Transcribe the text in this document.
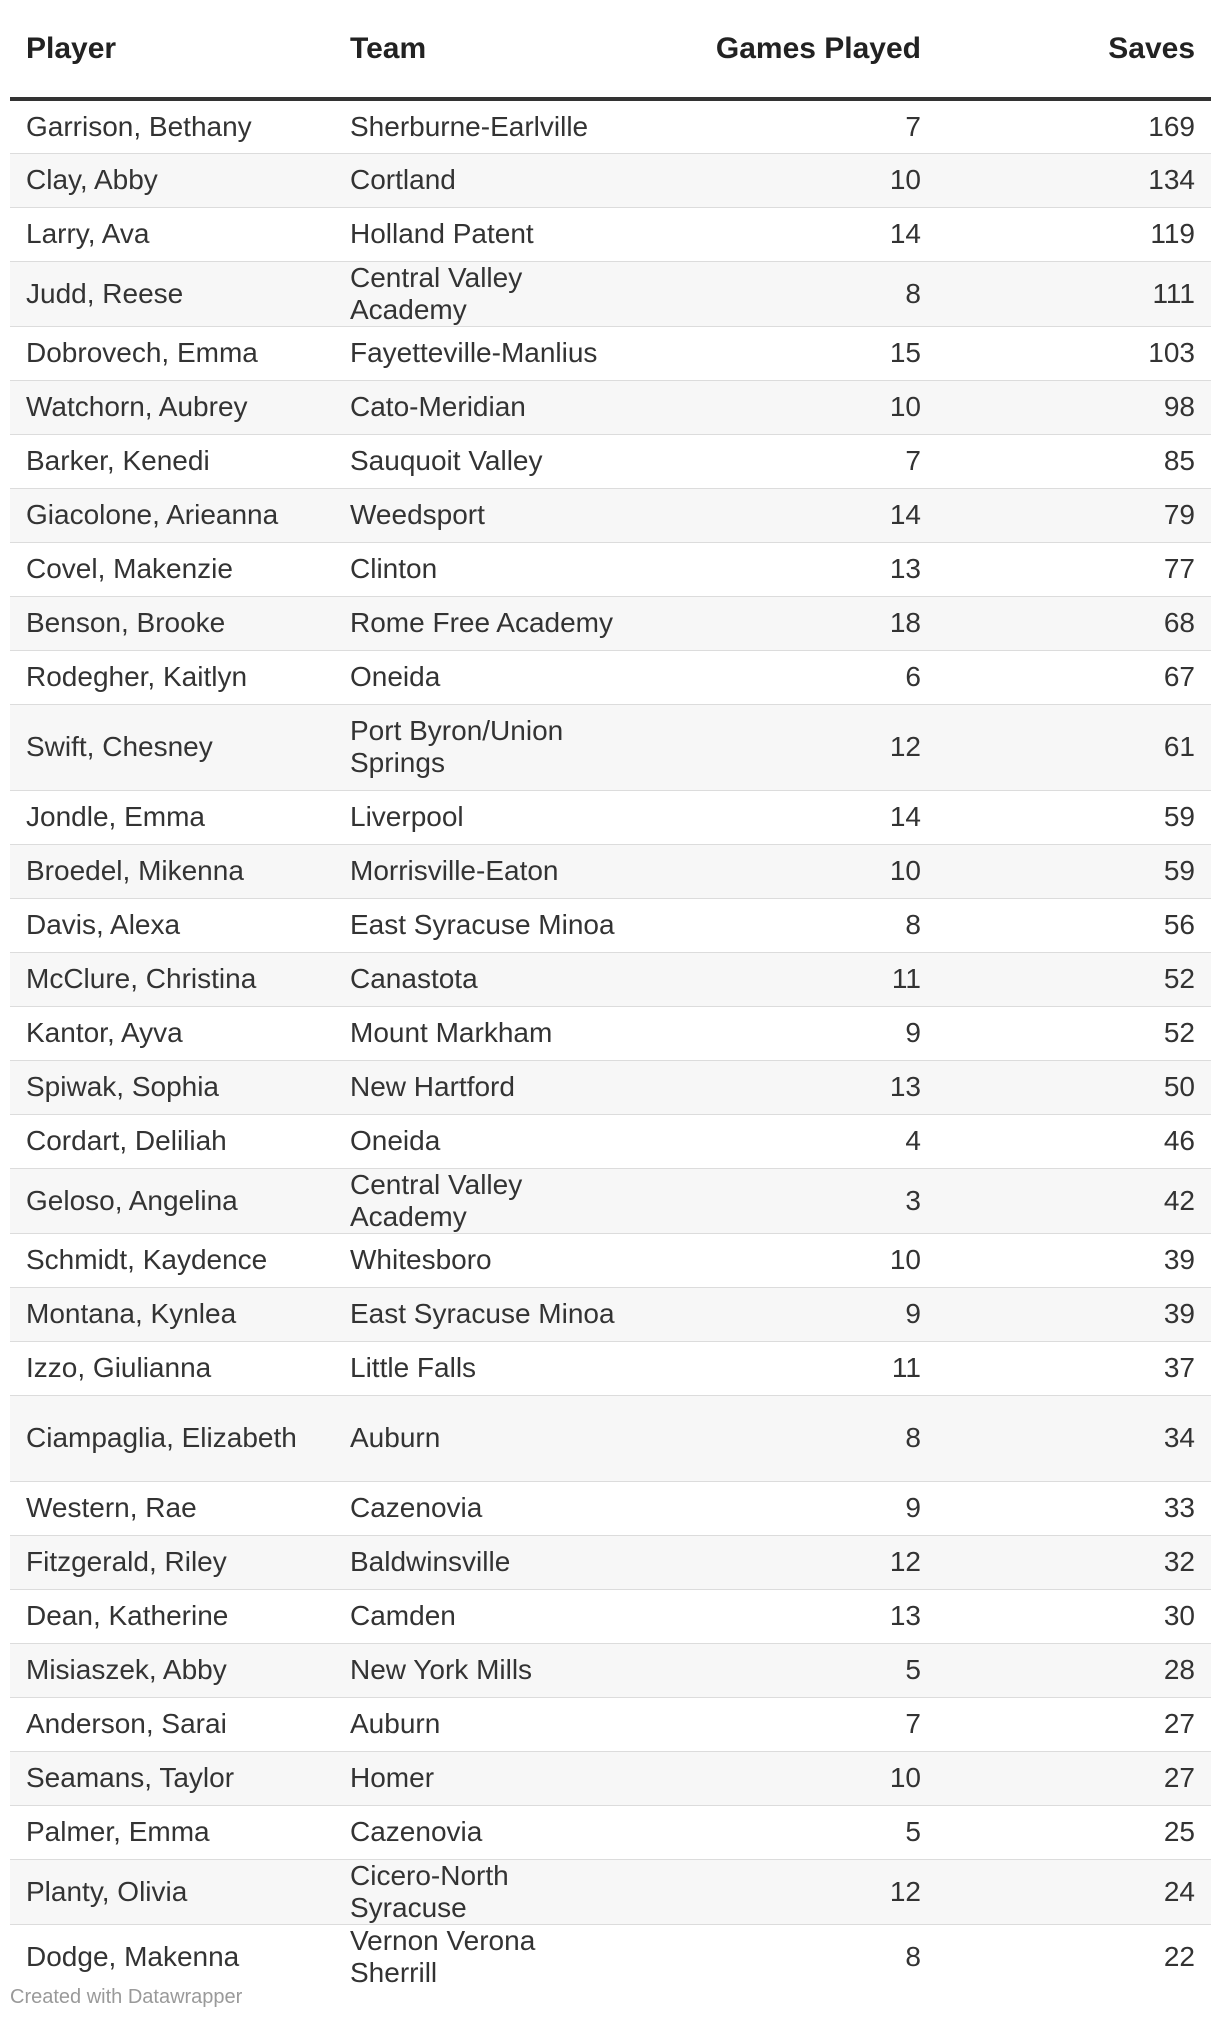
Player	Team	Games Played	Saves
Garrison, Bethany	Sherburne-Earlville	7	169
Clay, Abby	Cortland	10	134
Larry, Ava	Holland Patent	14	119
Judd, Reese	Central Valley Academy	8	111
Dobrovech, Emma	Fayetteville-Manlius	15	103
Watchorn, Aubrey	Cato-Meridian	10	98
Barker, Kenedi	Sauquoit Valley	7	85
Giacolone, Arieanna	Weedsport	14	79
Covel, Makenzie	Clinton	13	77
Benson, Brooke	Rome Free Academy	18	68
Rodegher, Kaitlyn	Oneida	6	67
Swift, Chesney	Port Byron/Union Springs	12	61
Jondle, Emma	Liverpool	14	59
Broedel, Mikenna	Morrisville-Eaton	10	59
Davis, Alexa	East Syracuse Minoa	8	56
McClure, Christina	Canastota	11	52
Kantor, Ayva	Mount Markham	9	52
Spiwak, Sophia	New Hartford	13	50
Cordart, Deliliah	Oneida	4	46
Geloso, Angelina	Central Valley Academy	3	42
Schmidt, Kaydence	Whitesboro	10	39
Montana, Kynlea	East Syracuse Minoa	9	39
Izzo, Giulianna	Little Falls	11	37
Ciampaglia, Elizabeth	Auburn	8	34
Western, Rae	Cazenovia	9	33
Fitzgerald, Riley	Baldwinsville	12	32
Dean, Katherine	Camden	13	30
Misiaszek, Abby	New York Mills	5	28
Anderson, Sarai	Auburn	7	27
Seamans, Taylor	Homer	10	27
Palmer, Emma	Cazenovia	5	25
Planty, Olivia	Cicero-North Syracuse	12	24
Dodge, Makenna	Vernon Verona Sherrill	8	22
Created with Datawrapper
